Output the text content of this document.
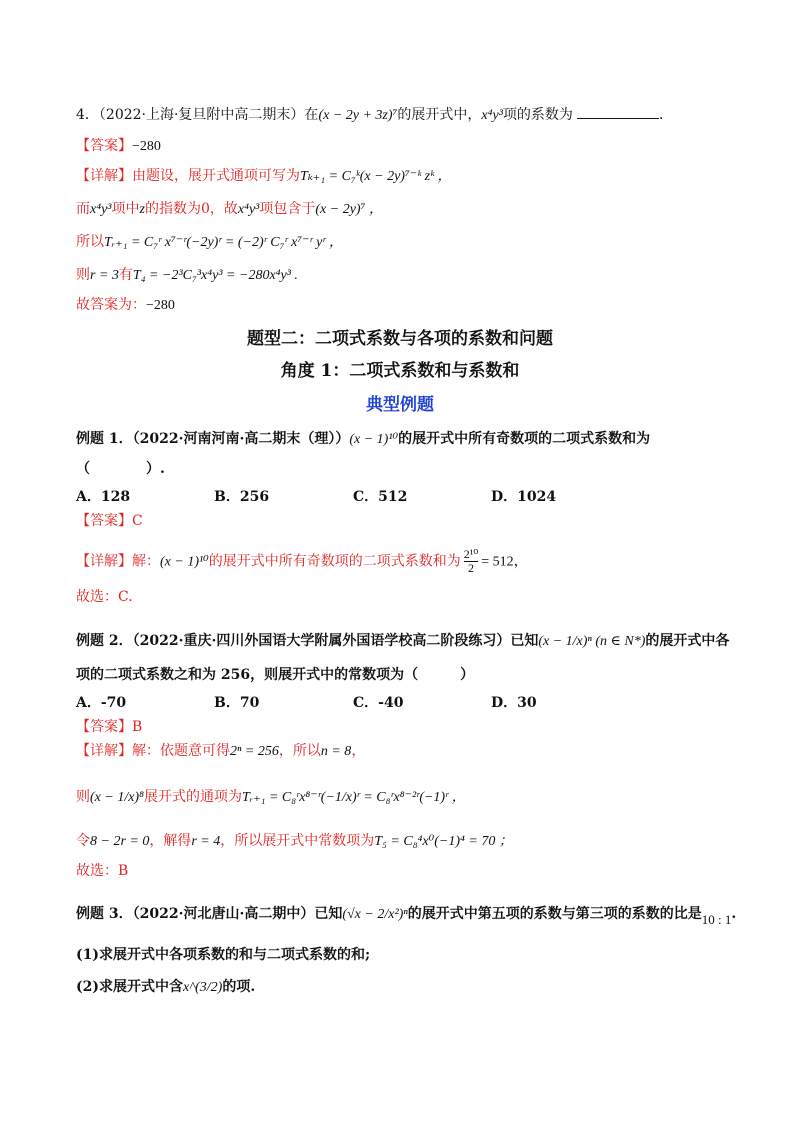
4．（2022·上海·复旦附中高二期末）在(x − 2y + 3z)⁷的展开式中，x⁴y³项的系数为	.
【答案】−280
【详解】由题设，展开式通项可写为Tₖ₊₁ = C₇ᵏ(x − 2y)⁷⁻ᵏ zᵏ ，
而x⁴y³项中z的指数为0，故x⁴y³项包含于(x − 2y)⁷ ，
所以Tᵣ₊₁ = C₇ʳ x⁷⁻ʳ(−2y)ʳ = (−2)ʳ C₇ʳ x⁷⁻ʳ yʳ ，
则r = 3有T₄ = −2³C₇³x⁴y³ = −280x⁴y³ .
故答案为：−280
题型二：二项式系数与各项的系数和问题
角度 1：二项式系数和与系数和
典型例题
例题 1．（2022·河南河南·高二期末（理））(x − 1)¹⁰的展开式中所有奇数项的二项式系数和为
（　　　　）.
A．128	B．256	C．512	D．1024
【答案】C
【详解】解：(x − 1)¹⁰的展开式中所有奇数项的二项式系数和为 $\frac{\text{2¹⁰}}{2} = 512$，
故选：C.
例题 2．（2022·重庆·四川外国语大学附属外国语学校高二阶段练习）已知(x − 1/x)ⁿ (n ∈ N*)的展开式中各
项的二项式系数之和为 256，则展开式中的常数项为（　　　）
A．-70	B．70	C．-40	D．30
【答案】B
【详解】解：依题意可得2ⁿ = 256，所以n = 8，
则(x − 1/x)⁸展开式的通项为Tᵣ₊₁ = C₈ʳx⁸⁻ʳ(−1/x)ʳ = C₈ʳx⁸⁻²ʳ(−1)ʳ ，
令8 − 2r = 0，解得r = 4，所以展开式中常数项为T₅ = C₈⁴x⁰(−1)⁴ = 70 ；
故选：B
例题 3．（2022·河北唐山·高二期中）已知(√x − 2/x²)ⁿ的展开式中第五项的系数与第三项的系数的比是10 : 1.
(1)求展开式中各项系数的和与二项式系数的和;
(2)求展开式中含x^(3/2)的项.
